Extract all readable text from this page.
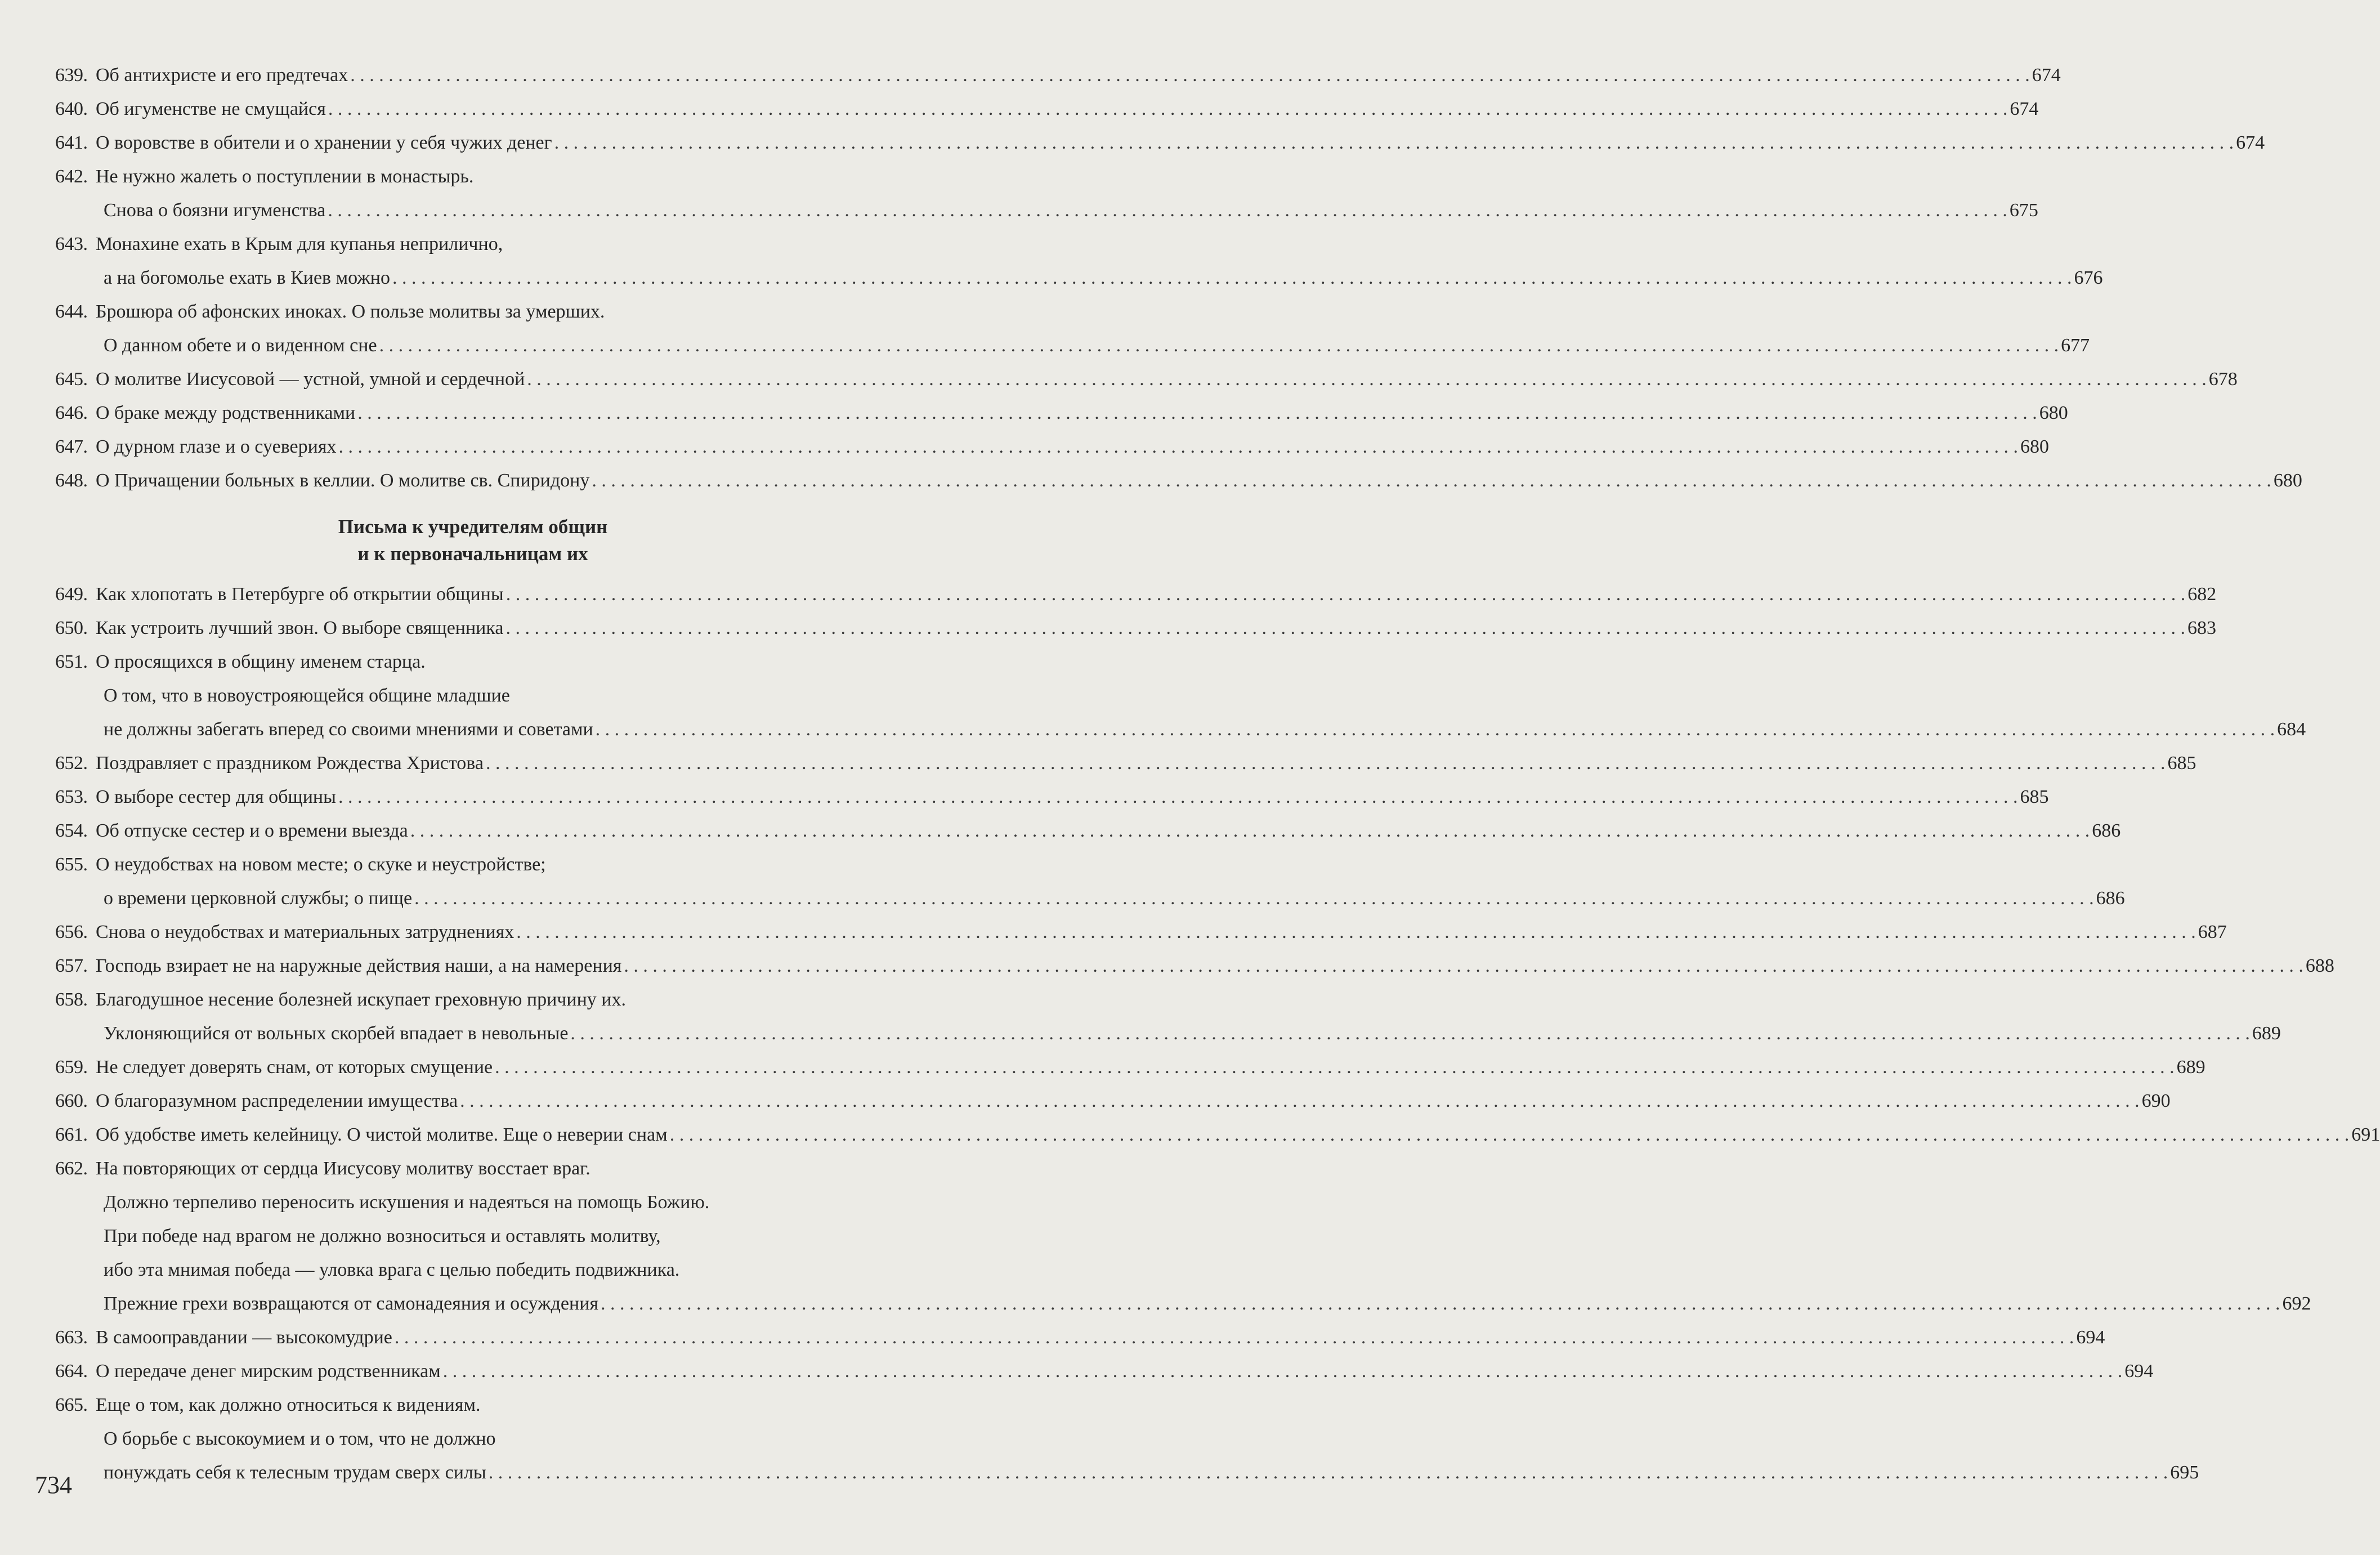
639. Об антихристе и его предтечах . . .	674
640. Об игуменстве не смущайся . . .	674
641. О воровстве в обители и о хранении у себя чужих денег . . .	674
642. Не нужно жалеть о поступлении в монастырь.
Снова о боязни игуменства . . .	675
643. Монахине ехать в Крым для купанья неприлично,
а на богомолье ехать в Киев можно . . .	676
644. Брошюра об афонских иноках. О пользе молитвы за умерших.
О данном обете и о виденном сне . . .	677
645. О молитве Иисусовой — устной, умной и сердечной . . .	678
646. О браке между родственниками . . .	680
647. О дурном глазе и о суевериях . . .	680
648. О Причащении больных в келлии. О молитве св. Спиридону . . .	680
Письма к учредителям общин
и к первоначальницам их
649. Как хлопотать в Петербурге об открытии общины . . .	682
650. Как устроить лучший звон. О выборе священника . . .	683
651. О просящихся в общину именем старца.
О том, что в новоустрояющейся общине младшие
не должны забегать вперед со своими мнениями и советами . . .	684
652. Поздравляет с праздником Рождества Христова . . .	685
653. О выборе сестер для общины . . .	685
654. Об отпуске сестер и о времени выезда . . .	686
655. О неудобствах на новом месте; о скуке и неустройстве;
о времени церковной службы; о пище . . .	686
656. Снова о неудобствах и материальных затруднениях . . .	687
657. Господь взирает не на наружные действия наши, а на намерения . . .	688
658. Благодушное несение болезней искупает греховную причину их.
Уклоняющийся от вольных скорбей впадает в невольные . . .	689
659. Не следует доверять снам, от которых смущение . . .	689
660. О благоразумном распределении имущества . . .	690
661. Об удобстве иметь келейницу. О чистой молитве. Еще о неверии снам . . .	691
662. На повторяющих от сердца Иисусову молитву восстает враг.
Должно терпеливо переносить искушения и надеяться на помощь Божию.
При победе над врагом не должно возноситься и оставлять молитву,
ибо эта мнимая победа — уловка врага с целью победить подвижника.
Прежние грехи возвращаются от самонадеяния и осуждения . . .	692
663. В самооправдании — высокомудрие . . .	694
664. О передаче денег мирским родственникам . . .	694
665. Еще о том, как должно относиться к видениям.
О борьбе с высокоумием и о том, что не должно
понуждать себя к телесным трудам сверх силы . . .	695
734
